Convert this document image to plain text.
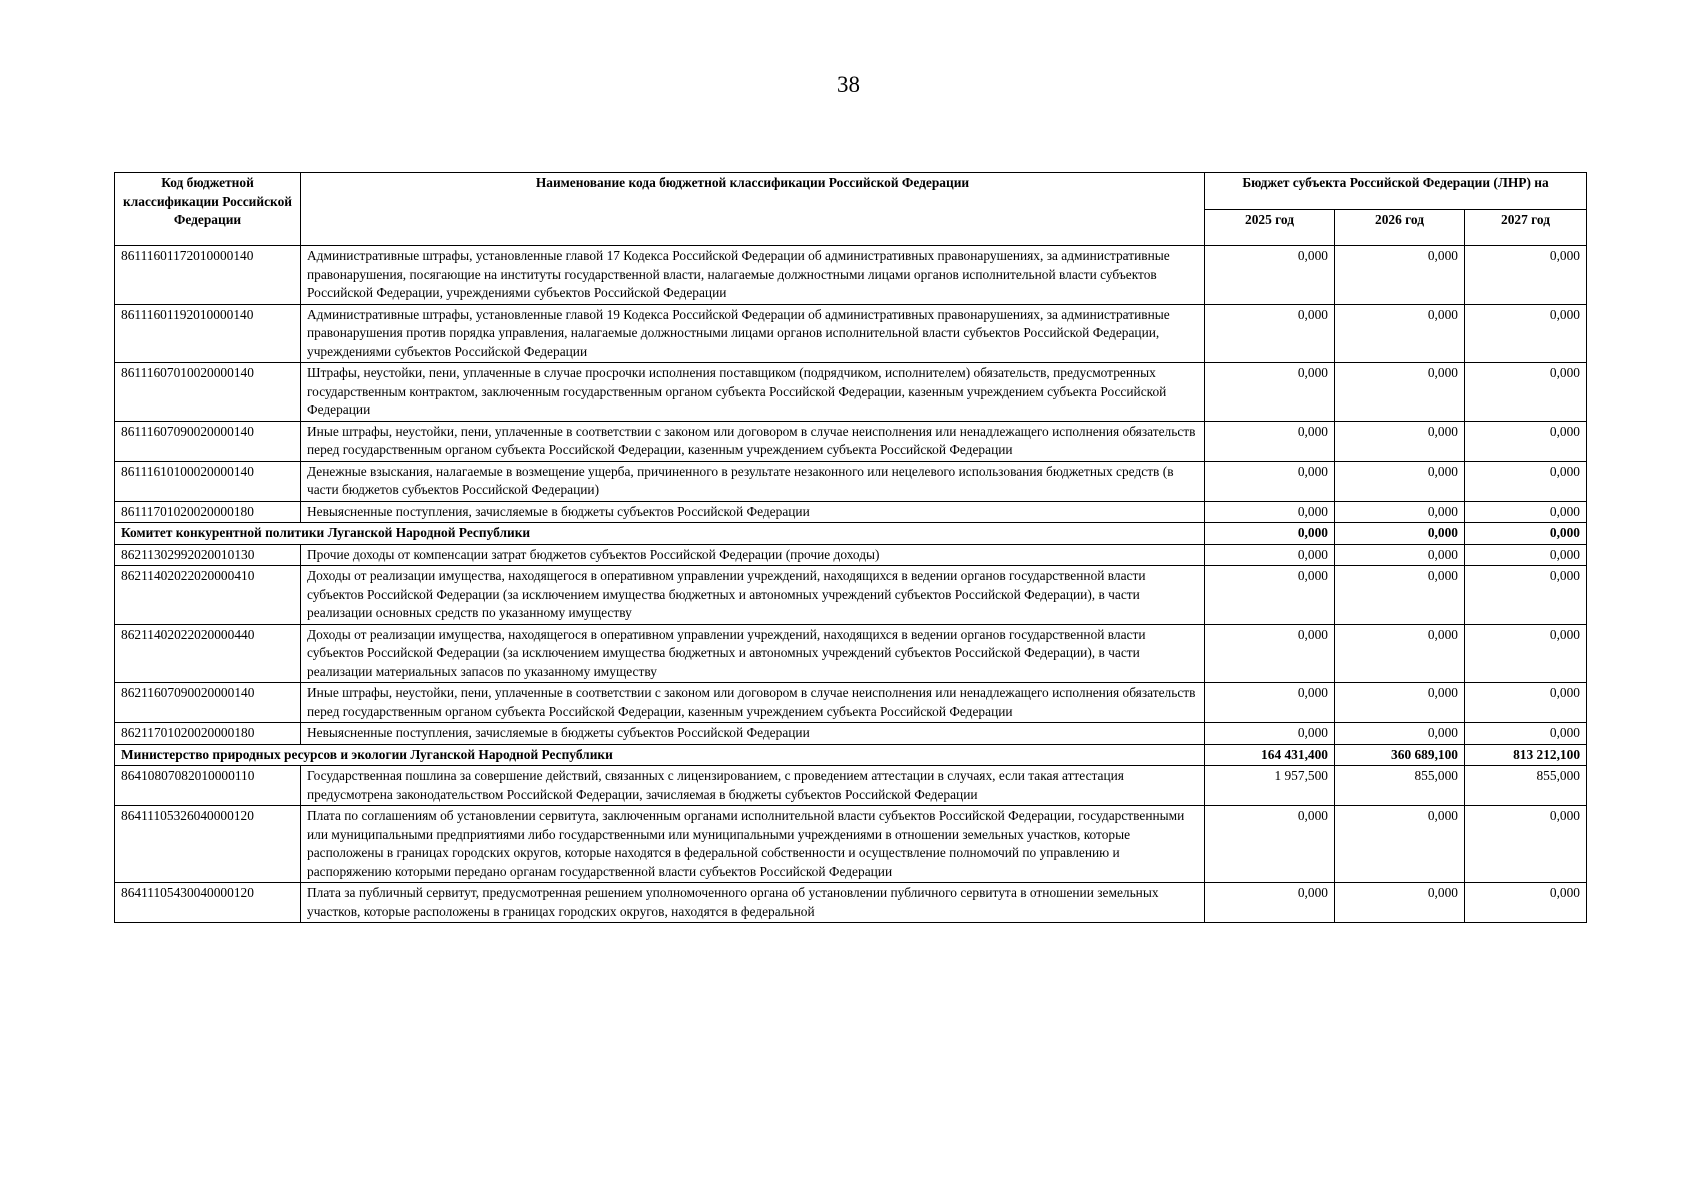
38
Код бюджетной классификации Российской Федерации	Наименование кода бюджетной классификации Российской Федерации	Бюджет субъекта Российской Федерации (ЛНР) на		
		2025 год	2026 год	2027 год
86111601172010000140	Административные штрафы, установленные главой 17 Кодекса Российской Федерации об административных правонарушениях, за административные правонарушения, посягающие на институты государственной власти, налагаемые должностными лицами органов исполнительной власти субъектов Российской Федерации, учреждениями субъектов Российской Федерации	0,000	0,000	0,000
86111601192010000140	Административные штрафы, установленные главой 19 Кодекса Российской Федерации об административных правонарушениях, за административные правонарушения против порядка управления, налагаемые должностными лицами органов исполнительной власти субъектов Российской Федерации, учреждениями субъектов Российской Федерации	0,000	0,000	0,000
86111607010020000140	Штрафы, неустойки, пени, уплаченные в случае просрочки исполнения поставщиком (подрядчиком, исполнителем) обязательств, предусмотренных государственным контрактом, заключенным государственным органом субъекта Российской Федерации, казенным учреждением субъекта Российской Федерации	0,000	0,000	0,000
86111607090020000140	Иные штрафы, неустойки, пени, уплаченные в соответствии с законом или договором в случае неисполнения или ненадлежащего исполнения обязательств перед государственным органом субъекта Российской Федерации, казенным учреждением субъекта Российской Федерации	0,000	0,000	0,000
86111610100020000140	Денежные взыскания, налагаемые в возмещение ущерба, причиненного в результате незаконного или нецелевого использования бюджетных средств (в части бюджетов субъектов Российской Федерации)	0,000	0,000	0,000
86111701020020000180	Невыясненные поступления, зачисляемые в бюджеты субъектов Российской Федерации	0,000	0,000	0,000
Комитет конкурентной политики Луганской Народной Республики		0,000	0,000	0,000
86211302992020010130	Прочие доходы от компенсации затрат бюджетов субъектов Российской Федерации (прочие доходы)	0,000	0,000	0,000
86211402022020000410	Доходы от реализации имущества, находящегося в оперативном управлении учреждений, находящихся в ведении органов государственной власти субъектов Российской Федерации (за исключением имущества бюджетных и автономных учреждений субъектов Российской Федерации), в части реализации основных средств по указанному имуществу	0,000	0,000	0,000
86211402022020000440	Доходы от реализации имущества, находящегося в оперативном управлении учреждений, находящихся в ведении органов государственной власти субъектов Российской Федерации (за исключением имущества бюджетных и автономных учреждений субъектов Российской Федерации), в части реализации материальных запасов по указанному имуществу	0,000	0,000	0,000
86211607090020000140	Иные штрафы, неустойки, пени, уплаченные в соответствии с законом или договором в случае неисполнения или ненадлежащего исполнения обязательств перед государственным органом субъекта Российской Федерации, казенным учреждением субъекта Российской Федерации	0,000	0,000	0,000
86211701020020000180	Невыясненные поступления, зачисляемые в бюджеты субъектов Российской Федерации	0,000	0,000	0,000
Министерство природных ресурсов и экологии Луганской Народной Республики		164 431,400	360 689,100	813 212,100
86410807082010000110	Государственная пошлина за совершение действий, связанных с лицензированием, с проведением аттестации в случаях, если такая аттестация предусмотрена законодательством Российской Федерации, зачисляемая в бюджеты субъектов Российской Федерации	1 957,500	855,000	855,000
86411105326040000120	Плата по соглашениям об установлении сервитута, заключенным органами исполнительной власти субъектов Российской Федерации, государственными или муниципальными предприятиями либо государственными или муниципальными учреждениями в отношении земельных участков, которые расположены в границах городских округов, которые находятся в федеральной собственности и осуществление полномочий по управлению и распоряжению которыми передано органам государственной власти субъектов Российской Федерации	0,000	0,000	0,000
86411105430040000120	Плата за публичный сервитут, предусмотренная решением уполномоченного органа об установлении публичного сервитута в отношении земельных участков, которые расположены в границах городских округов, находятся в федеральной	0,000	0,000	0,000
